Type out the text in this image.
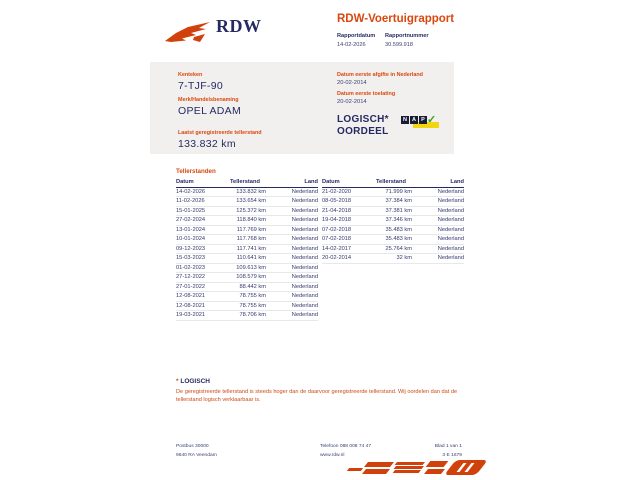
RDW	RDW-Voertuigrapport
Rapportdatum
14-02-2026
Rapportnummer
30.599.918
Kenteken
7-TJF-90
Merk/Handelsbenaming
OPEL ADAM
Laatst geregistreerde tellerstand
133.832 km
Datum eerste afgifte in Nederland
20-02-2014
Datum eerste toelating
20-02-2014
LOGISCH*
OORDEEL
N A P ✓
Tellerstanden
Datum	Tellerstand	Land
14-02-2026	133.832 km	Nederland
11-02-2026	133.654 km	Nederland
15-01-2025	125.372 km	Nederland
27-02-2024	118.840 km	Nederland
13-01-2024	117.769 km	Nederland
10-01-2024	117.768 km	Nederland
09-12-2023	117.741 km	Nederland
15-03-2023	110.641 km	Nederland
01-02-2023	109.613 km	Nederland
27-12-2022	108.579 km	Nederland
27-01-2022	88.442 km	Nederland
12-08-2021	78.755 km	Nederland
12-08-2021	78.755 km	Nederland
19-03-2021	78.706 km	Nederland
Datum	Tellerstand	Land
21-02-2020	71.999 km	Nederland
08-05-2018	37.384 km	Nederland
21-04-2018	37.381 km	Nederland
19-04-2018	37.346 km	Nederland
07-02-2018	35.483 km	Nederland
07-02-2018	35.483 km	Nederland
14-02-2017	25.764 km	Nederland
20-02-2014	32 km	Nederland
* LOGISCH
De geregistreerde tellerstand is steeds hoger dan de daarvoor geregistreerde tellerstand. Wij oordelen dan dat de tellerstand logisch verklaarbaar is.
Postbus 30000
9640 RA Veendam
Telefoon 088 008 74 47
www.rdw.nl
Blad 1 van 1
3 E 1679
